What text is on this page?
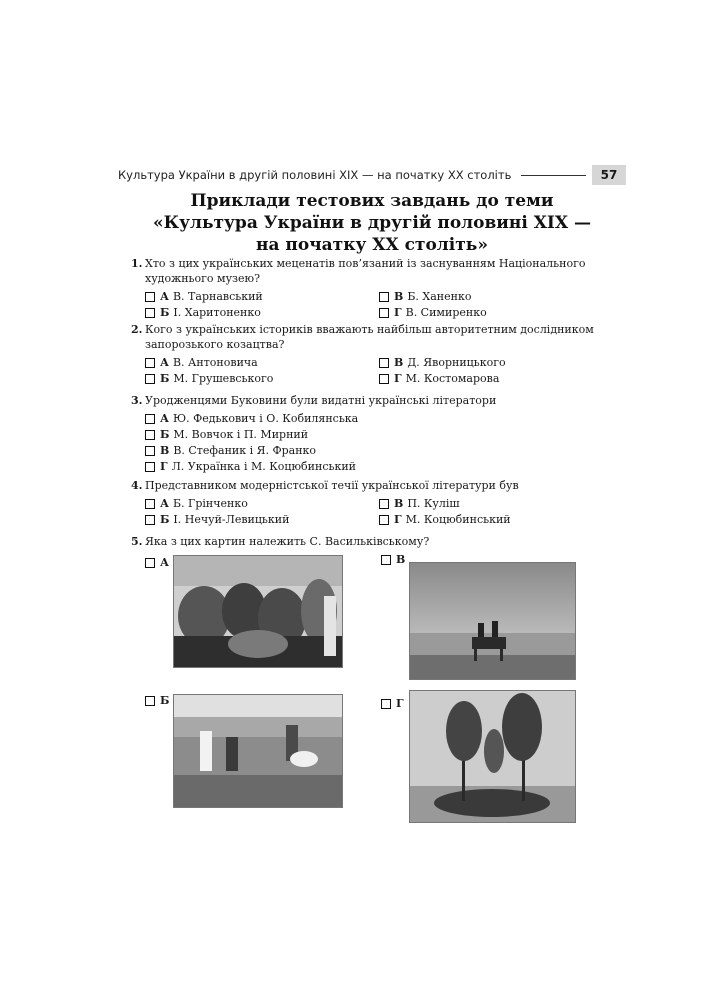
Культура України в другій половині XIX — на початку XX століть	57
Приклади тестових завдань до теми
«Культура України в другій половині XIX —
на початку XX століть»
1. Хто з цих українських меценатів пов’язаний із заснуванням Національного художнього музею?
А В. Тарнавський	В Б. Ханенко
Б І. Харитоненко	Г В. Симиренко
2. Кого з українських істориків вважають найбільш авторитетним дослідником запорозького козацтва?
А В. Антоновича	В Д. Яворницького
Б М. Грушевського	Г М. Костомарова
3. Уродженцями Буковини були видатні українські літератори
А Ю. Федькович і О. Кобилянська
Б М. Вовчок і П. Мирний
В В. Стефаник і Я. Франко
Г Л. Українка і М. Коцюбинський
4. Представником модерністської течії української літератури був
А Б. Грінченко	В П. Куліш
Б І. Нечуй-Левицький	Г М. Коцюбинський
5. Яка з цих картин належить С. Васильківському?
А	В
Б	Г
